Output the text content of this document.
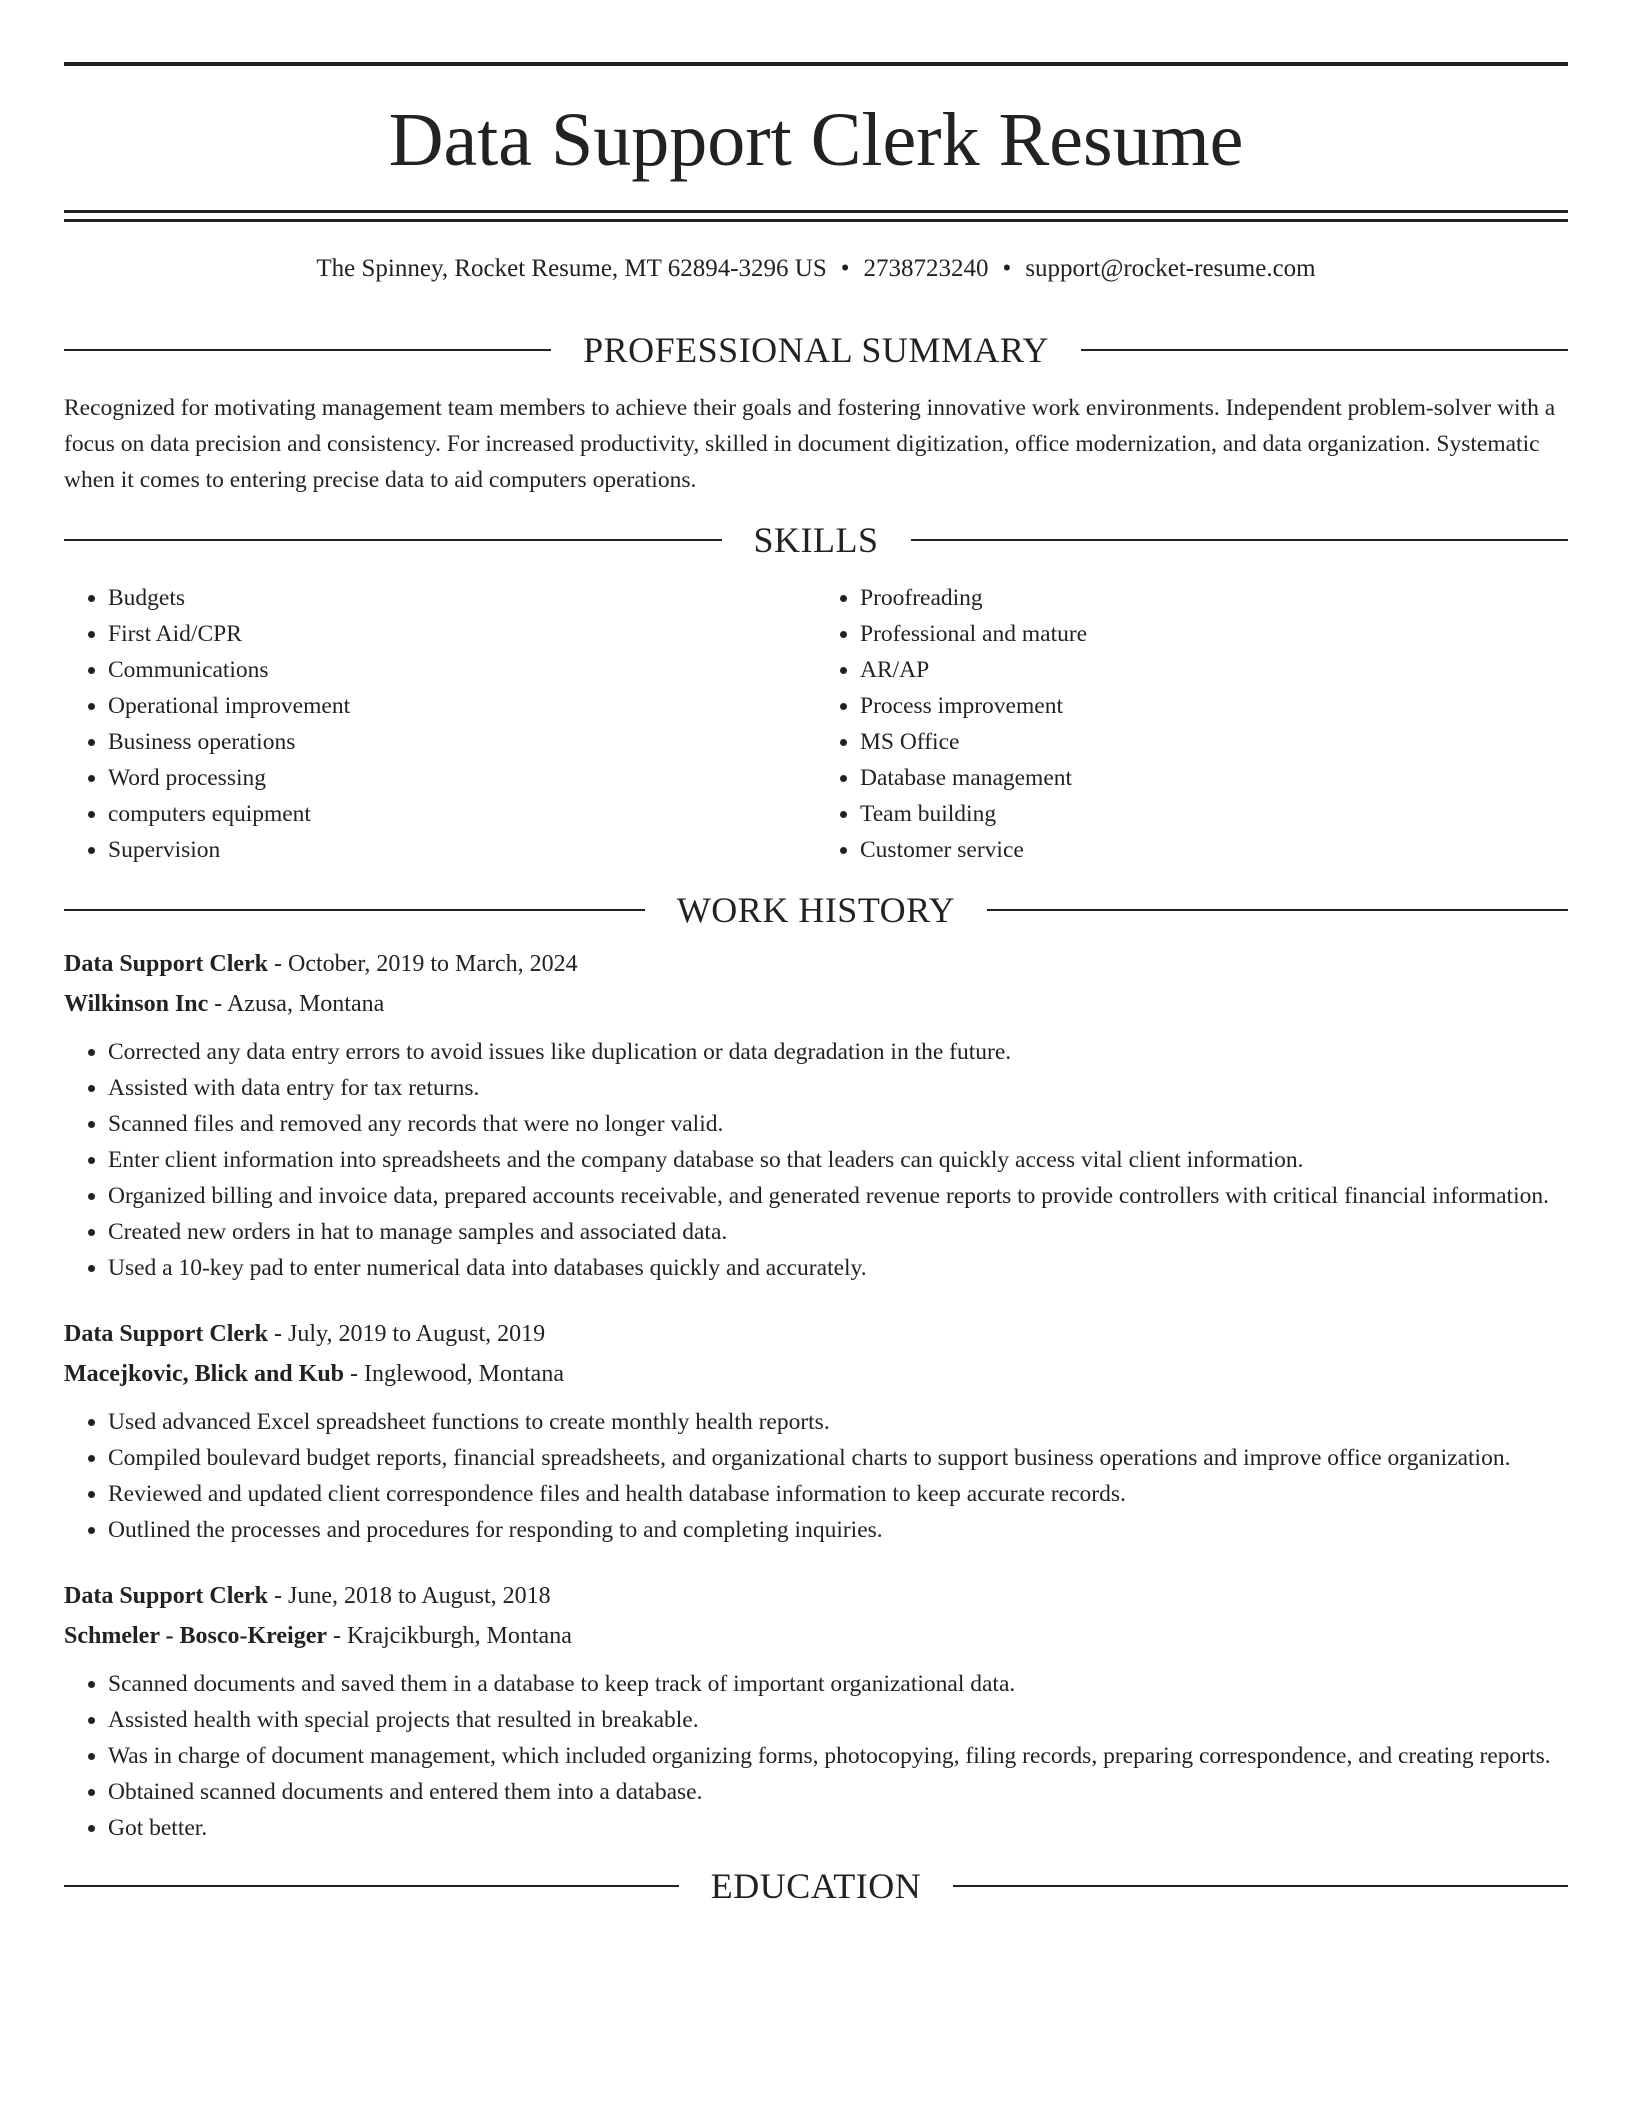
Data Support Clerk Resume
The Spinney, Rocket Resume, MT 62894-3296 US • 2738723240 • support@rocket-resume.com
PROFESSIONAL SUMMARY

Recognized for motivating management team members to achieve their goals and fostering innovative work environments. Independent problem-solver with a focus on data precision and consistency. For increased productivity, skilled in document digitization, office modernization, and data organization. Systematic when it comes to entering precise data to aid computers operations.

SKILLS
• Budgets
• First Aid/CPR
• Communications
• Operational improvement
• Business operations
• Word processing
• computers equipment
• Supervision
• Proofreading
• Professional and mature
• AR/AP
• Process improvement
• MS Office
• Database management
• Team building
• Customer service
WORK HISTORY
Data Support Clerk - October, 2019 to March, 2024
Wilkinson Inc - Azusa, Montana
• Corrected any data entry errors to avoid issues like duplication or data degradation in the future.
• Assisted with data entry for tax returns.
• Scanned files and removed any records that were no longer valid.
• Enter client information into spreadsheets and the company database so that leaders can quickly access vital client information.
• Organized billing and invoice data, prepared accounts receivable, and generated revenue reports to provide controllers with critical financial information.
• Created new orders in hat to manage samples and associated data.
• Used a 10-key pad to enter numerical data into databases quickly and accurately.
Data Support Clerk - July, 2019 to August, 2019
Macejkovic, Blick and Kub - Inglewood, Montana
• Used advanced Excel spreadsheet functions to create monthly health reports.
• Compiled boulevard budget reports, financial spreadsheets, and organizational charts to support business operations and improve office organization.
• Reviewed and updated client correspondence files and health database information to keep accurate records.
• Outlined the processes and procedures for responding to and completing inquiries.
Data Support Clerk - June, 2018 to August, 2018
Schmeler - Bosco-Kreiger - Krajcikburgh, Montana
• Scanned documents and saved them in a database to keep track of important organizational data.
• Assisted health with special projects that resulted in breakable.
• Was in charge of document management, which included organizing forms, photocopying, filing records, preparing correspondence, and creating reports.
• Obtained scanned documents and entered them into a database.
• Got better.
EDUCATION
